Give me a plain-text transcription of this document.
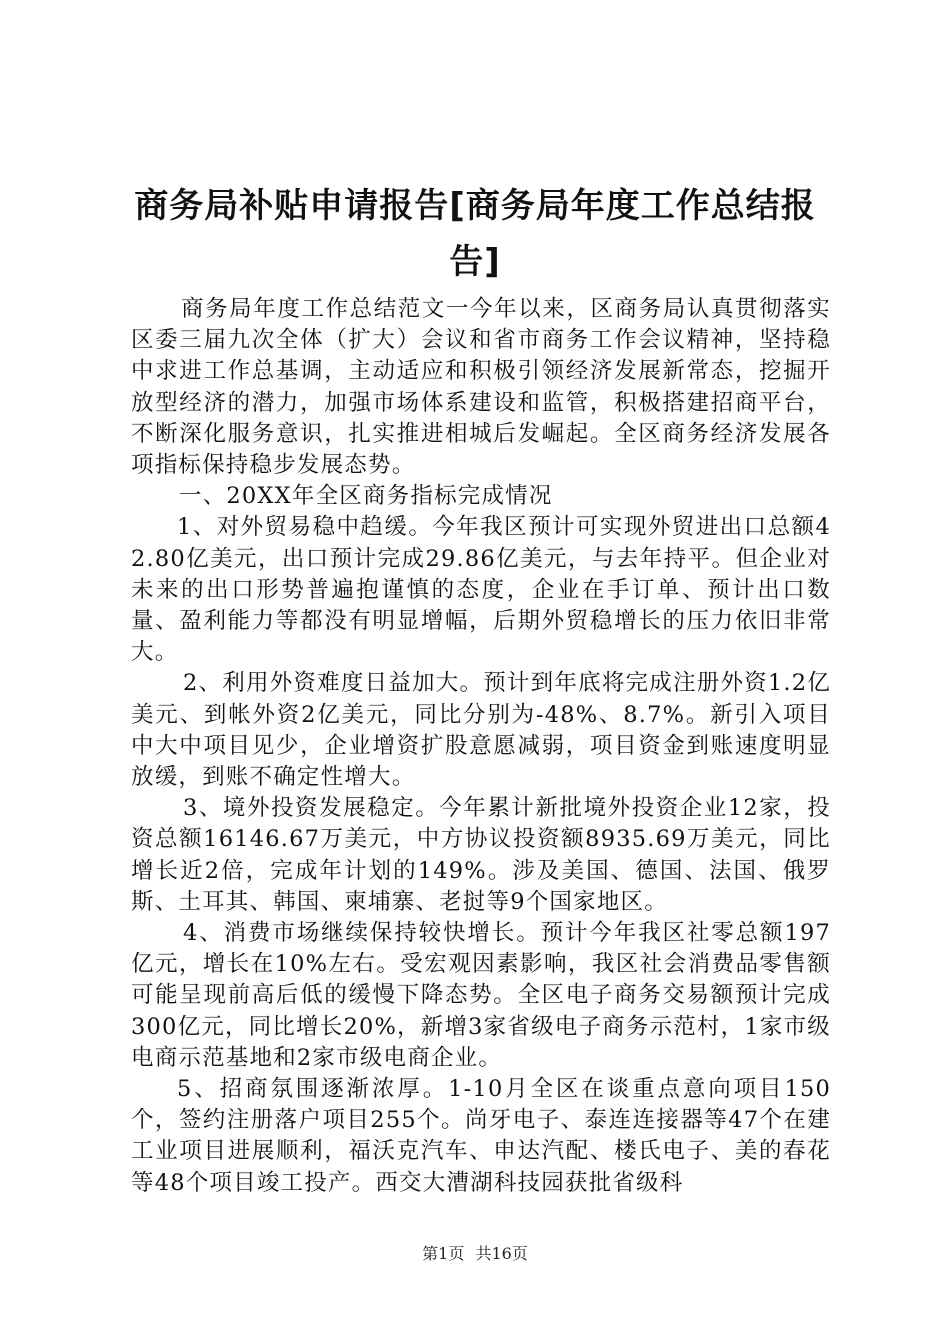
商务局补贴申请报告[商务局年度工作总结报告]

商务局年度工作总结范文一今年以来，区商务局认真贯彻落实区委三届九次全体（扩大）会议和省市商务工作会议精神，坚持稳中求进工作总基调，主动适应和积极引领经济发展新常态，挖掘开放型经济的潜力，加强市场体系建设和监管，积极搭建招商平台，不断深化服务意识，扎实推进相城后发崛起。全区商务经济发展各项指标保持稳步发展态势。

一、20XX年全区商务指标完成情况

1、对外贸易稳中趋缓。今年我区预计可实现外贸进出口总额42.80亿美元，出口预计完成29.86亿美元，与去年持平。但企业对未来的出口形势普遍抱谨慎的态度，企业在手订单、预计出口数量、盈利能力等都没有明显增幅，后期外贸稳增长的压力依旧非常大。

2、利用外资难度日益加大。预计到年底将完成注册外资1.2亿美元、到帐外资2亿美元，同比分别为-48%、8.7%。新引入项目中大中项目见少，企业增资扩股意愿减弱，项目资金到账速度明显放缓，到账不确定性增大。

3、境外投资发展稳定。今年累计新批境外投资企业12家，投资总额16146.67万美元，中方协议投资额8935.69万美元，同比增长近2倍，完成年计划的149%。涉及美国、德国、法国、俄罗斯、土耳其、韩国、柬埔寨、老挝等9个国家地区。

4、消费市场继续保持较快增长。预计今年我区社零总额197亿元，增长在10%左右。受宏观因素影响，我区社会消费品零售额可能呈现前高后低的缓慢下降态势。全区电子商务交易额预计完成300亿元，同比增长20%，新增3家省级电子商务示范村，1家市级电商示范基地和2家市级电商企业。

5、招商氛围逐渐浓厚。1-10月全区在谈重点意向项目150个，签约注册落户项目255个。尚牙电子、泰连连接器等47个在建工业项目进展顺利，福沃克汽车、申达汽配、楼氏电子、美的春花等48个项目竣工投产。西交大漕湖科技园获批省级科

第1页 共16页
